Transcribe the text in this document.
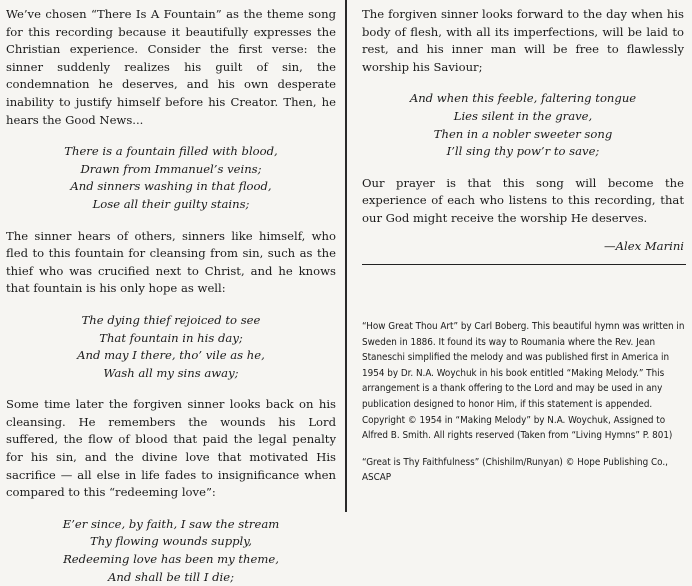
We’ve chosen “There Is A Fountain” as the theme song for this recording because it beautifully expresses the Christian experience. Consider the first verse: the sinner suddenly realizes his guilt of sin, the condemnation he deserves, and his own desperate inability to justify himself before his Creator. Then, he hears the Good News...

There is a fountain filled with blood,
Drawn from Immanuel’s veins;
And sinners washing in that flood,
Lose all their guilty stains;

The sinner hears of others, sinners like himself, who fled to this fountain for cleansing from sin, such as the thief who was crucified next to Christ, and he knows that fountain is his only hope as well:

The dying thief rejoiced to see
That fountain in his day;
And may I there, tho’ vile as he,
Wash all my sins away;

Some time later the forgiven sinner looks back on his cleansing. He remembers the wounds his Lord suffered, the flow of blood that paid the legal penalty for his sin, and the divine love that motivated His sacrifice — all else in life fades to insignificance when compared to this “redeeming love”:

E’er since, by faith, I saw the stream
Thy flowing wounds supply,
Redeeming love has been my theme,
And shall be till I die;

The forgiven sinner looks forward to the day when his body of flesh, with all its imperfections, will be laid to rest, and his inner man will be free to flawlessly worship his Saviour;

And when this feeble, faltering tongue
Lies silent in the grave,
Then in a nobler sweeter song
I’ll sing thy pow’r to save;

Our prayer is that this song will become the experience of each who listens to this recording, that our God might receive the worship He deserves.

—Alex Marini

“How Great Thou Art” by Carl Boberg. This beautiful hymn was written in Sweden in 1886. It found its way to Roumania where the Rev. Jean Staneschi simplified the melody and was published first in America in 1954 by Dr. N.A. Woychuk in his book entitled “Making Melody.” This arrangement is a thank offering to the Lord and may be used in any publication designed to honor Him, if this statement is appended. Copyright © 1954 in “Making Melody” by N.A. Woychuk, Assigned to Alfred B. Smith. All rights reserved (Taken from “Living Hymns” P. 801)

“Great is Thy Faithfulness” (Chishilm/Runyan) © Hope Publishing Co., ASCAP
